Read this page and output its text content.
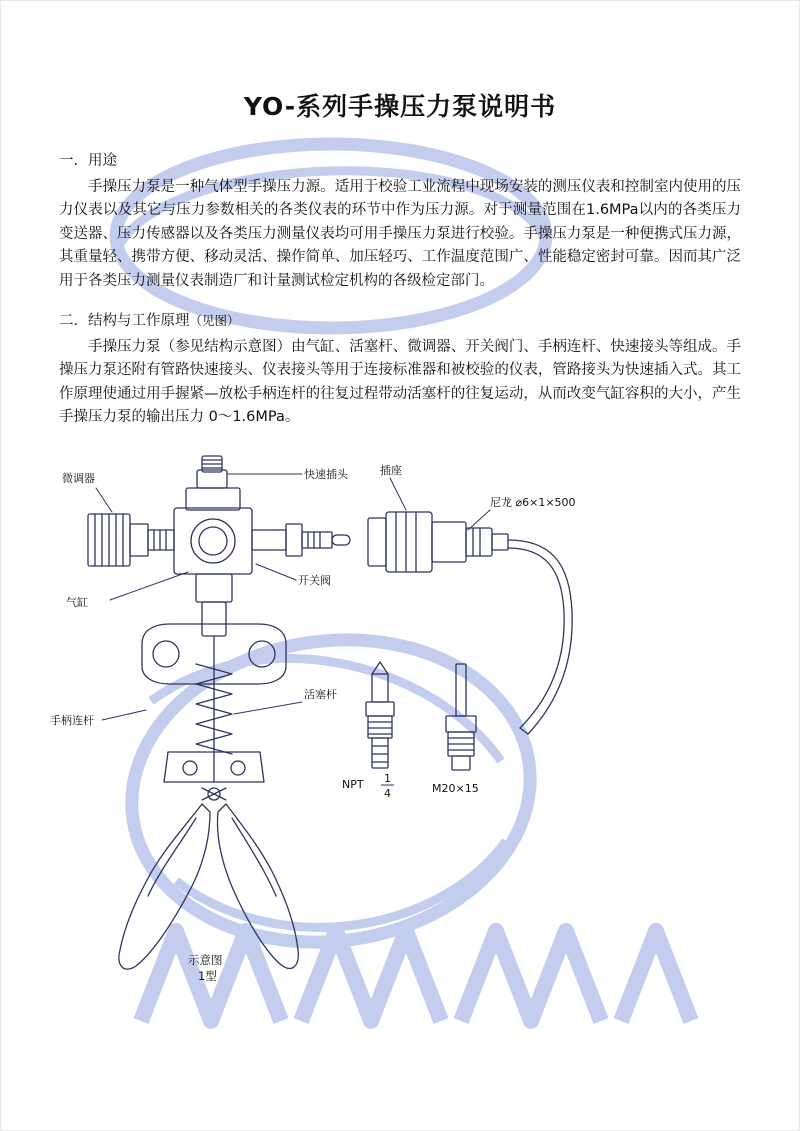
YO-系列手操压力泵说明书
一．用途

手操压力泵是一种气体型手操压力源。适用于校验工业流程中现场安装的测压仪表和控制室内使用的压力仪表以及其它与压力参数相关的各类仪表的环节中作为压力源。对于测量范围在1.6MPa以内的各类压力变送器、压力传感器以及各类压力测量仪表均可用手操压力泵进行校验。手操压力泵是一种便携式压力源，其重量轻、携带方便、移动灵活、操作简单、加压轻巧、工作温度范围广、性能稳定密封可靠。因而其广泛用于各类压力测量仪表制造厂和计量测试检定机构的各级检定部门。

二．结构与工作原理（见图）

手操压力泵（参见结构示意图）由气缸、活塞杆、微调器、开关阀门、手柄连杆、快速接头等组成。手操压力泵还附有管路快速接头、仪表接头等用于连接标准器和被校验的仪表，管路接头为快速插入式。其工作原理使通过用手握紧—放松手柄连杆的往复过程带动活塞杆的往复运动，从而改变气缸容积的大小，产生手操压力泵的输出压力 0～1.6MPa。

微调器	快速插头	插座
尼龙 ⌀6×1×500
气缸
开关阀
手柄连杆
活塞杆
NPT 1
4	M20×15
示意图
1型
